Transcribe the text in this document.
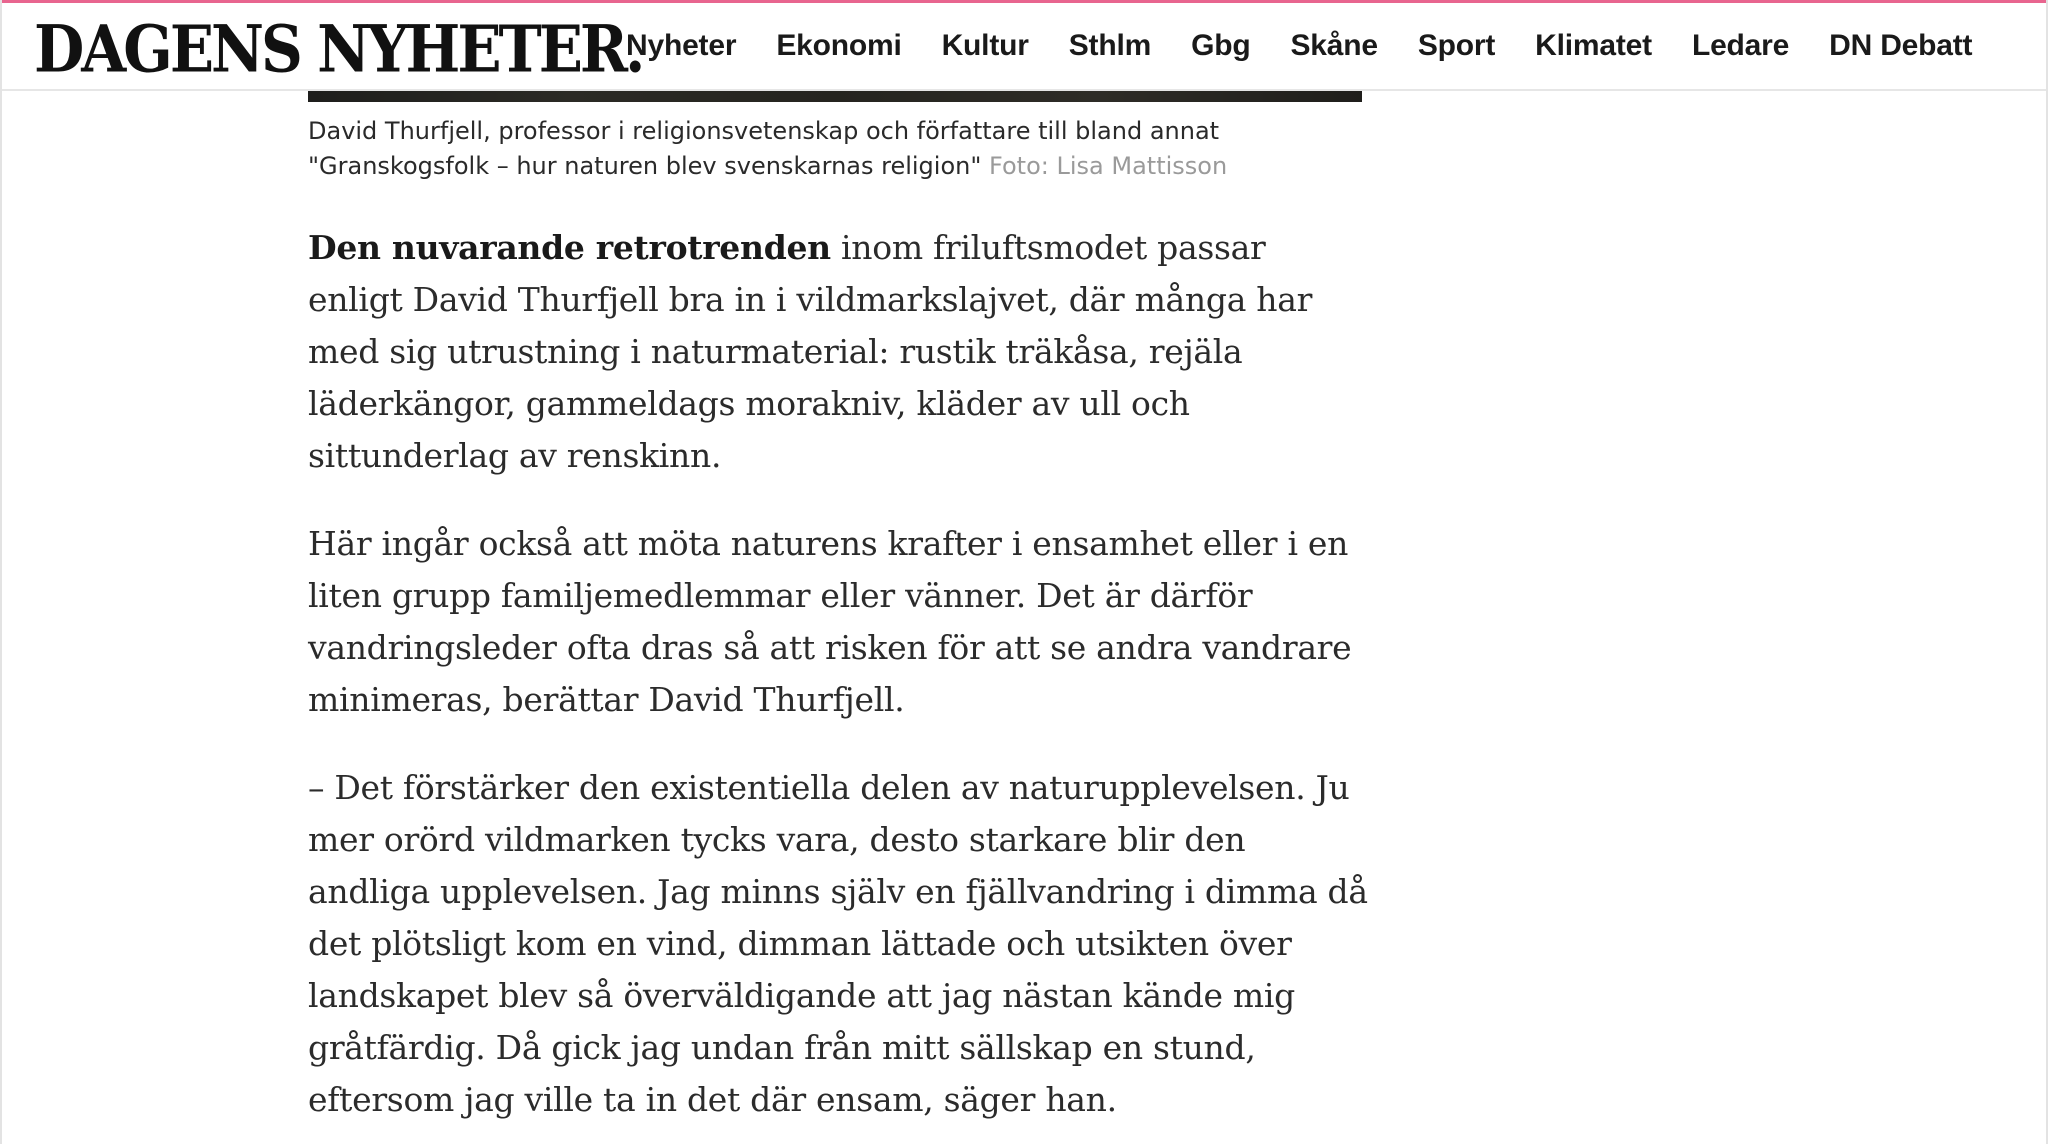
DAGENS NYHETER.
Nyheter Ekonomi Kultur Sthlm Gbg Skåne Sport Klimatet Ledare DN Debatt
David Thurfjell, professor i religionsvetenskap och författare till bland annat
"Granskogsfolk – hur naturen blev svenskarnas religion" Foto: Lisa Mattisson

Den nuvarande retrotrenden inom friluftsmodet passar enligt David Thurfjell bra in i vildmarkslajvet, där många har med sig utrustning i naturmaterial: rustik träkåsa, rejäla läderkängor, gammeldags morakniv, kläder av ull och sittunderlag av renskinn.

Här ingår också att möta naturens krafter i ensamhet eller i en liten grupp familjemedlemmar eller vänner. Det är därför vandringsleder ofta dras så att risken för att se andra vandrare minimeras, berättar David Thurfjell.

– Det förstärker den existentiella delen av naturupplevelsen. Ju mer orörd vildmarken tycks vara, desto starkare blir den andliga upplevelsen. Jag minns själv en fjällvandring i dimma då det plötsligt kom en vind, dimman lättade och utsikten över landskapet blev så överväldigande att jag nästan kände mig gråtfärdig. Då gick jag undan från mitt sällskap en stund, eftersom jag ville ta in det där ensam, säger han.
